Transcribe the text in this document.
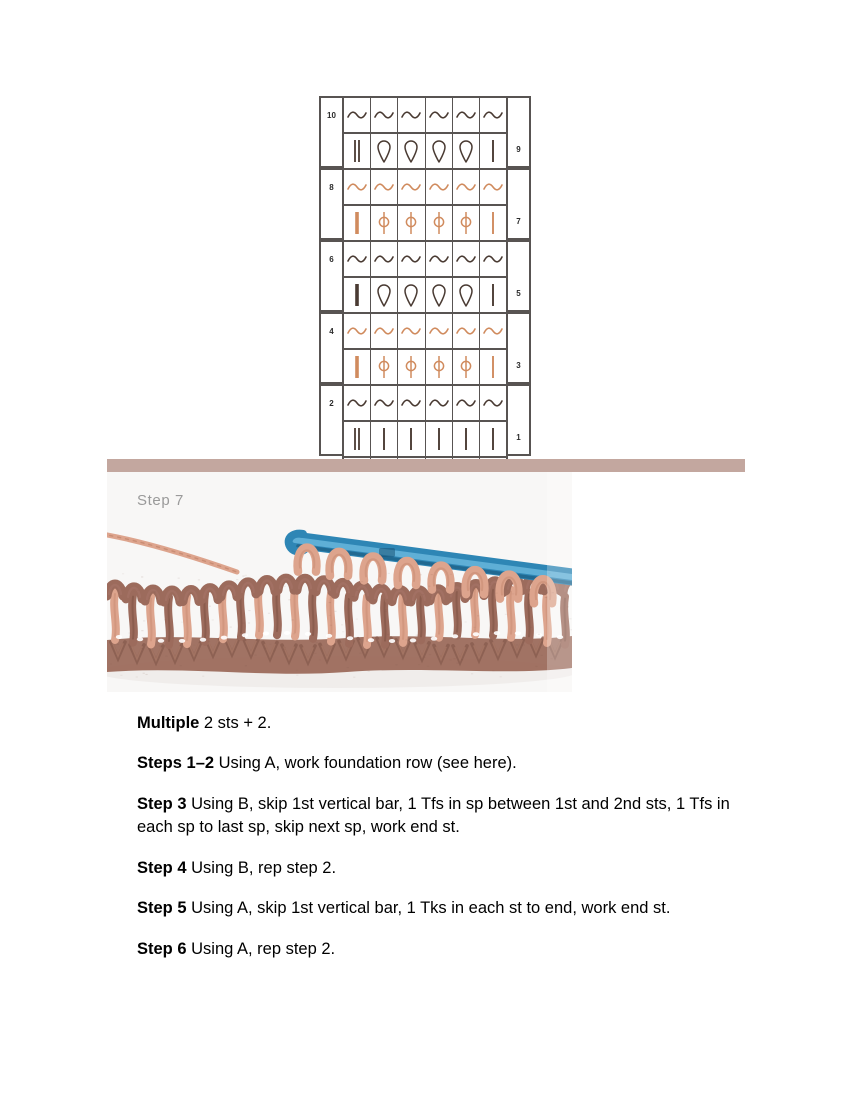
10
9
8
7
6
5
4
3
2
1
Step 7

Multiple 2 sts + 2.

Steps 1–2 Using A, work foundation row (see here).

Step 3 Using B, skip 1st vertical bar, 1 Tfs in sp between 1st and 2nd sts, 1 Tfs in each sp to last sp, skip next sp, work end st.

Step 4 Using B, rep step 2.

Step 5 Using A, skip 1st vertical bar, 1 Tks in each st to end, work end st.

Step 6 Using A, rep step 2.
